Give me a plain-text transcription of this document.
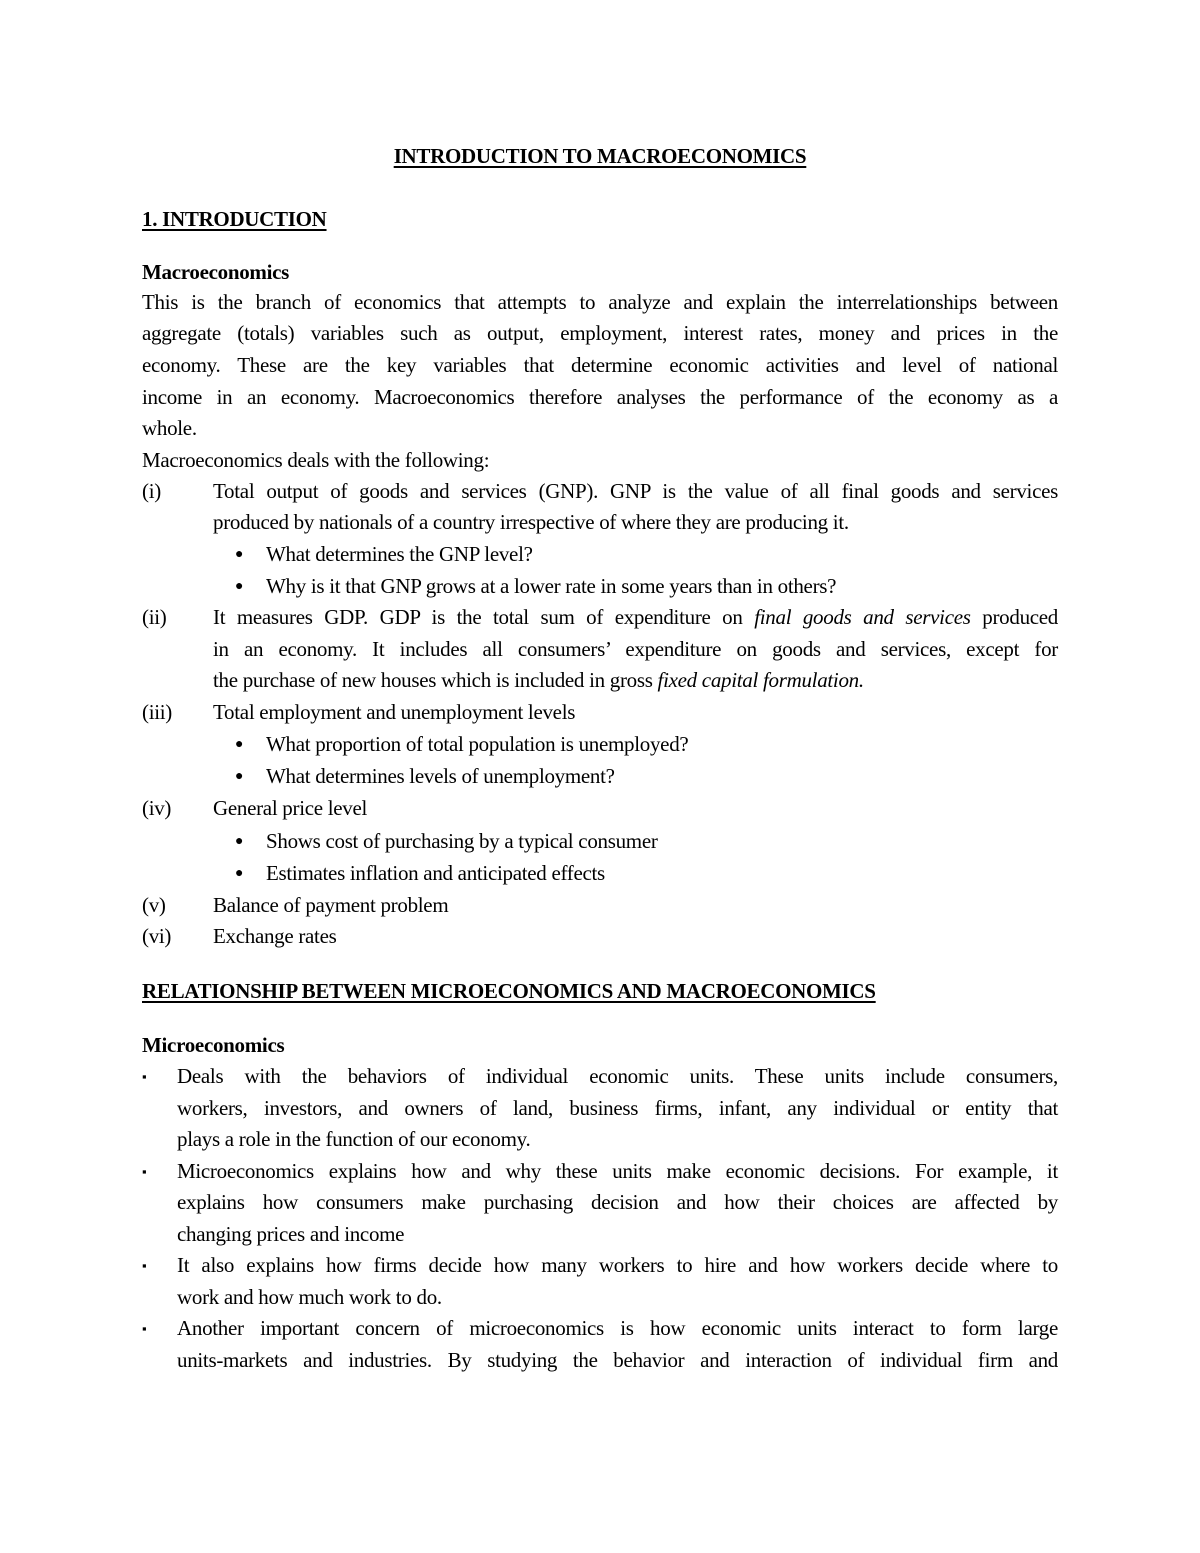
INTRODUCTION TO MACROECONOMICS
1. INTRODUCTION
Macroeconomics
This is the branch of economics that attempts to analyze and explain the interrelationships between
aggregate (totals) variables such as output, employment, interest rates, money and prices in the
economy. These are the key variables that determine economic activities and level of national
income in an economy. Macroeconomics therefore analyses the performance of the economy as a
whole.
Macroeconomics deals with the following:
(i) Total output of goods and services (GNP). GNP is the value of all final goods and services
produced by nationals of a country irrespective of where they are producing it.
● What determines the GNP level?
● Why is it that GNP grows at a lower rate in some years than in others?
(ii) It measures GDP. GDP is the total sum of expenditure on final goods and services produced
in an economy. It includes all consumers’ expenditure on goods and services, except for
the purchase of new houses which is included in gross fixed capital formulation.
(iii) Total employment and unemployment levels
● What proportion of total population is unemployed?
● What determines levels of unemployment?
(iv) General price level
● Shows cost of purchasing by a typical consumer
● Estimates inflation and anticipated effects
(v) Balance of payment problem
(vi) Exchange rates
RELATIONSHIP BETWEEN MICROECONOMICS AND MACROECONOMICS
Microeconomics
▪ Deals with the behaviors of individual economic units. These units include consumers,
workers, investors, and owners of land, business firms, infant, any individual or entity that
plays a role in the function of our economy.
▪ Microeconomics explains how and why these units make economic decisions. For example, it
explains how consumers make purchasing decision and how their choices are affected by
changing prices and income
▪ It also explains how firms decide how many workers to hire and how workers decide where to
work and how much work to do.
▪ Another important concern of microeconomics is how economic units interact to form large
units-markets and industries. By studying the behavior and interaction of individual firm and
